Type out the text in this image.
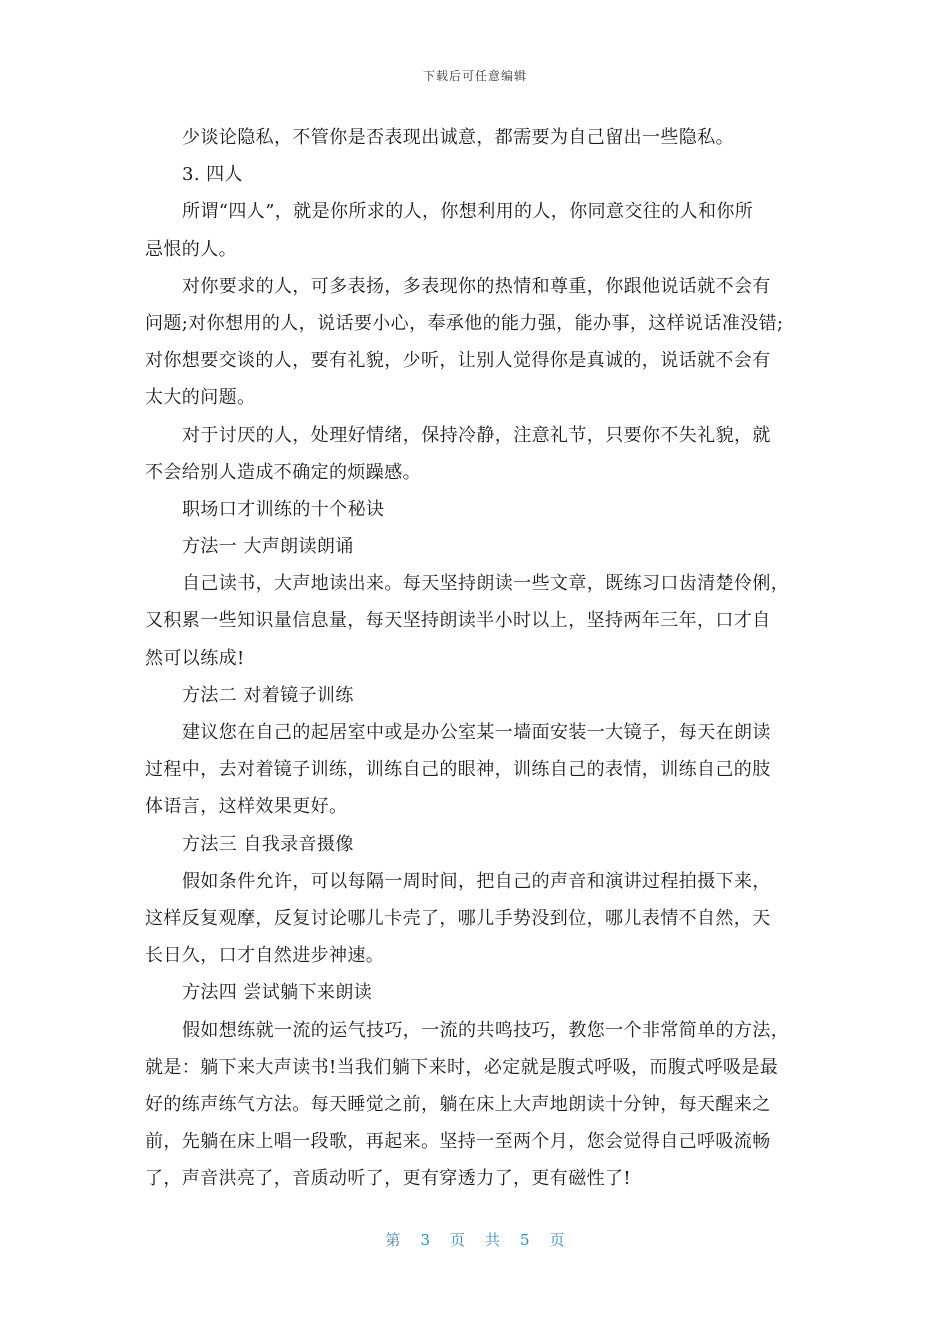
下载后可任意编辑
少谈论隐私，不管你是否表现出诚意，都需要为自己留出一些隐私。
3. 四人
所谓“四人”，就是你所求的人，你想利用的人，你同意交往的人和你所
忌恨的人。
对你要求的人，可多表扬，多表现你的热情和尊重，你跟他说话就不会有
问题;对你想用的人，说话要小心，奉承他的能力强，能办事，这样说话准没错;
对你想要交谈的人，要有礼貌，少听，让别人觉得你是真诚的，说话就不会有
太大的问题。
对于讨厌的人，处理好情绪，保持冷静，注意礼节，只要你不失礼貌，就
不会给别人造成不确定的烦躁感。
职场口才训练的十个秘诀
方法一 大声朗读朗诵
自己读书，大声地读出来。每天坚持朗读一些文章，既练习口齿清楚伶俐，
又积累一些知识量信息量，每天坚持朗读半小时以上，坚持两年三年，口才自
然可以练成!
方法二 对着镜子训练
建议您在自己的起居室中或是办公室某一墙面安装一大镜子，每天在朗读
过程中，去对着镜子训练，训练自己的眼神，训练自己的表情，训练自己的肢
体语言，这样效果更好。
方法三 自我录音摄像
假如条件允许，可以每隔一周时间，把自己的声音和演讲过程拍摄下来，
这样反复观摩，反复讨论哪儿卡壳了，哪儿手势没到位，哪儿表情不自然，天
长日久，口才自然进步神速。
方法四 尝试躺下来朗读
假如想练就一流的运气技巧，一流的共鸣技巧，教您一个非常简单的方法，
就是：躺下来大声读书!当我们躺下来时，必定就是腹式呼吸，而腹式呼吸是最
好的练声练气方法。每天睡觉之前，躺在床上大声地朗读十分钟，每天醒来之
前，先躺在床上唱一段歌，再起来。坚持一至两个月，您会觉得自己呼吸流畅
了，声音洪亮了，音质动听了，更有穿透力了，更有磁性了!
第 3 页 共 5 页
